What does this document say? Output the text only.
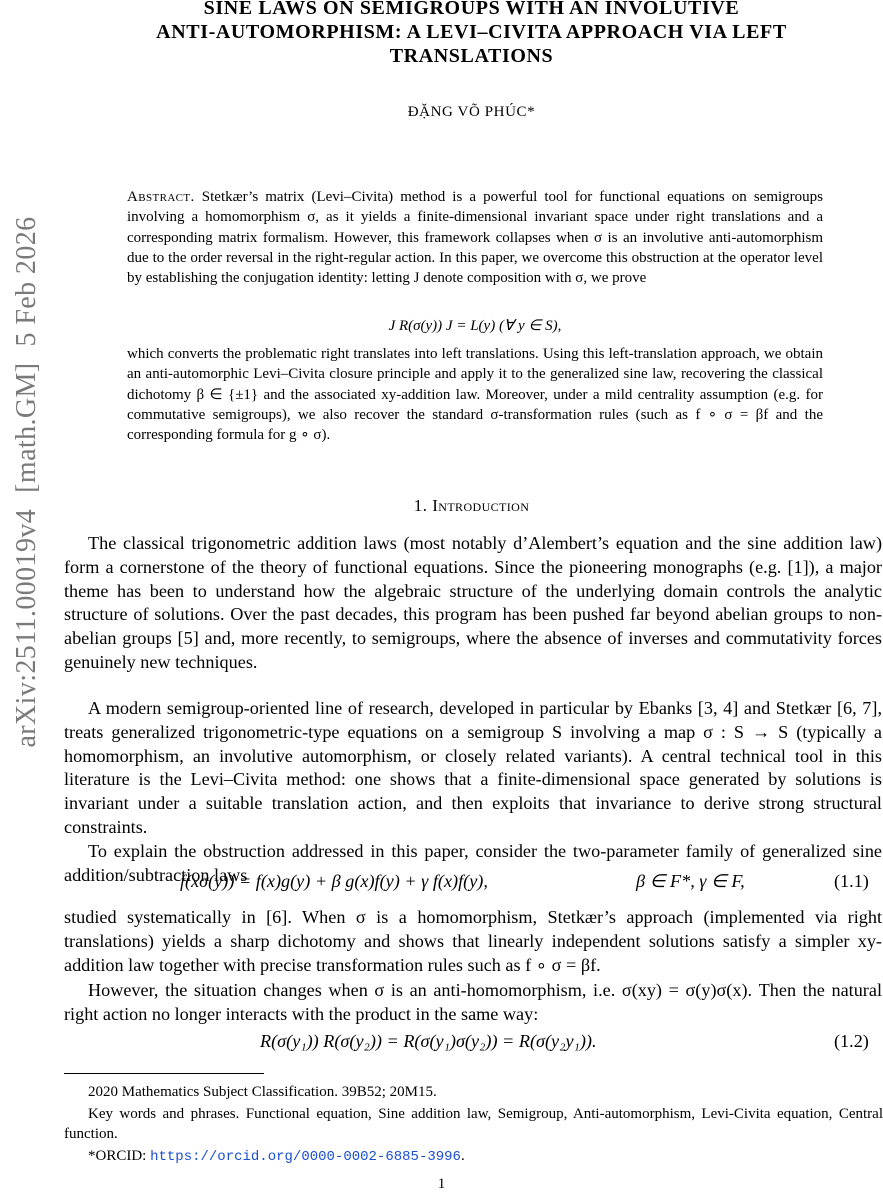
arXiv:2511.00019v4
[math.GM]
5 Feb 2026
SINE LAWS ON SEMIGROUPS WITH AN INVOLUTIVE
ANTI-AUTOMORPHISM: A LEVI–CIVITA APPROACH VIA LEFT
TRANSLATIONS
ĐẶNG VÕ PHÚC*

Abstract. Stetkær’s matrix (Levi–Civita) method is a powerful tool for functional equations on semigroups involving a homomorphism σ, as it yields a finite-dimensional invariant space under right translations and a corresponding matrix formalism. However, this framework collapses when σ is an involutive anti-automorphism due to the order reversal in the right-regular action. In this paper, we overcome this obstruction at the operator level by establishing the conjugation identity: letting J denote composition with σ, we prove

J R(σ(y)) J = L(y) (∀ y ∈ S),

which converts the problematic right translates into left translations. Using this left-translation approach, we obtain an anti-automorphic Levi–Civita closure principle and apply it to the generalized sine law, recovering the classical dichotomy β ∈ {±1} and the associated xy-addition law. Moreover, under a mild centrality assumption (e.g. for commutative semigroups), we also recover the standard σ-transformation rules (such as f ∘ σ = βf and the corresponding formula for g ∘ σ).

1. Introduction

The classical trigonometric addition laws (most notably d’Alembert’s equation and the sine addition law) form a cornerstone of the theory of functional equations. Since the pioneering monographs (e.g. [1]), a major theme has been to understand how the algebraic structure of the underlying domain controls the analytic structure of solutions. Over the past decades, this program has been pushed far beyond abelian groups to non-abelian groups [5] and, more recently, to semigroups, where the absence of inverses and commutativity forces genuinely new techniques.

A modern semigroup-oriented line of research, developed in particular by Ebanks [3, 4] and Stetkær [6, 7], treats generalized trigonometric-type equations on a semigroup S involving a map σ : S → S (typically a homomorphism, an involutive automorphism, or closely related variants). A central technical tool in this literature is the Levi–Civita method: one shows that a finite-dimensional space generated by solutions is invariant under a suitable translation action, and then exploits that invariance to derive strong structural constraints.

To explain the obstruction addressed in this paper, consider the two-parameter family of generalized sine addition/subtraction laws

f(xσ(y)) = f(x)g(y) + β g(x)f(y) + γ f(x)f(y),	β ∈ F*, γ ∈ F,	(1.1)

studied systematically in [6]. When σ is a homomorphism, Stetkær’s approach (implemented via right translations) yields a sharp dichotomy and shows that linearly independent solutions satisfy a simpler xy-addition law together with precise transformation rules such as f ∘ σ = βf.

However, the situation changes when σ is an anti-homomorphism, i.e. σ(xy) = σ(y)σ(x). Then the natural right action no longer interacts with the product in the same way:

R(σ(y₁)) R(σ(y₂)) = R(σ(y₁)σ(y₂)) = R(σ(y₂y₁)).	(1.2)
2020 Mathematics Subject Classification. 39B52; 20M15.
Key words and phrases. Functional equation, Sine addition law, Semigroup, Anti-automorphism, Levi-Civita equation, Central function.
*ORCID: https://orcid.org/0000-0002-6885-3996.
1
